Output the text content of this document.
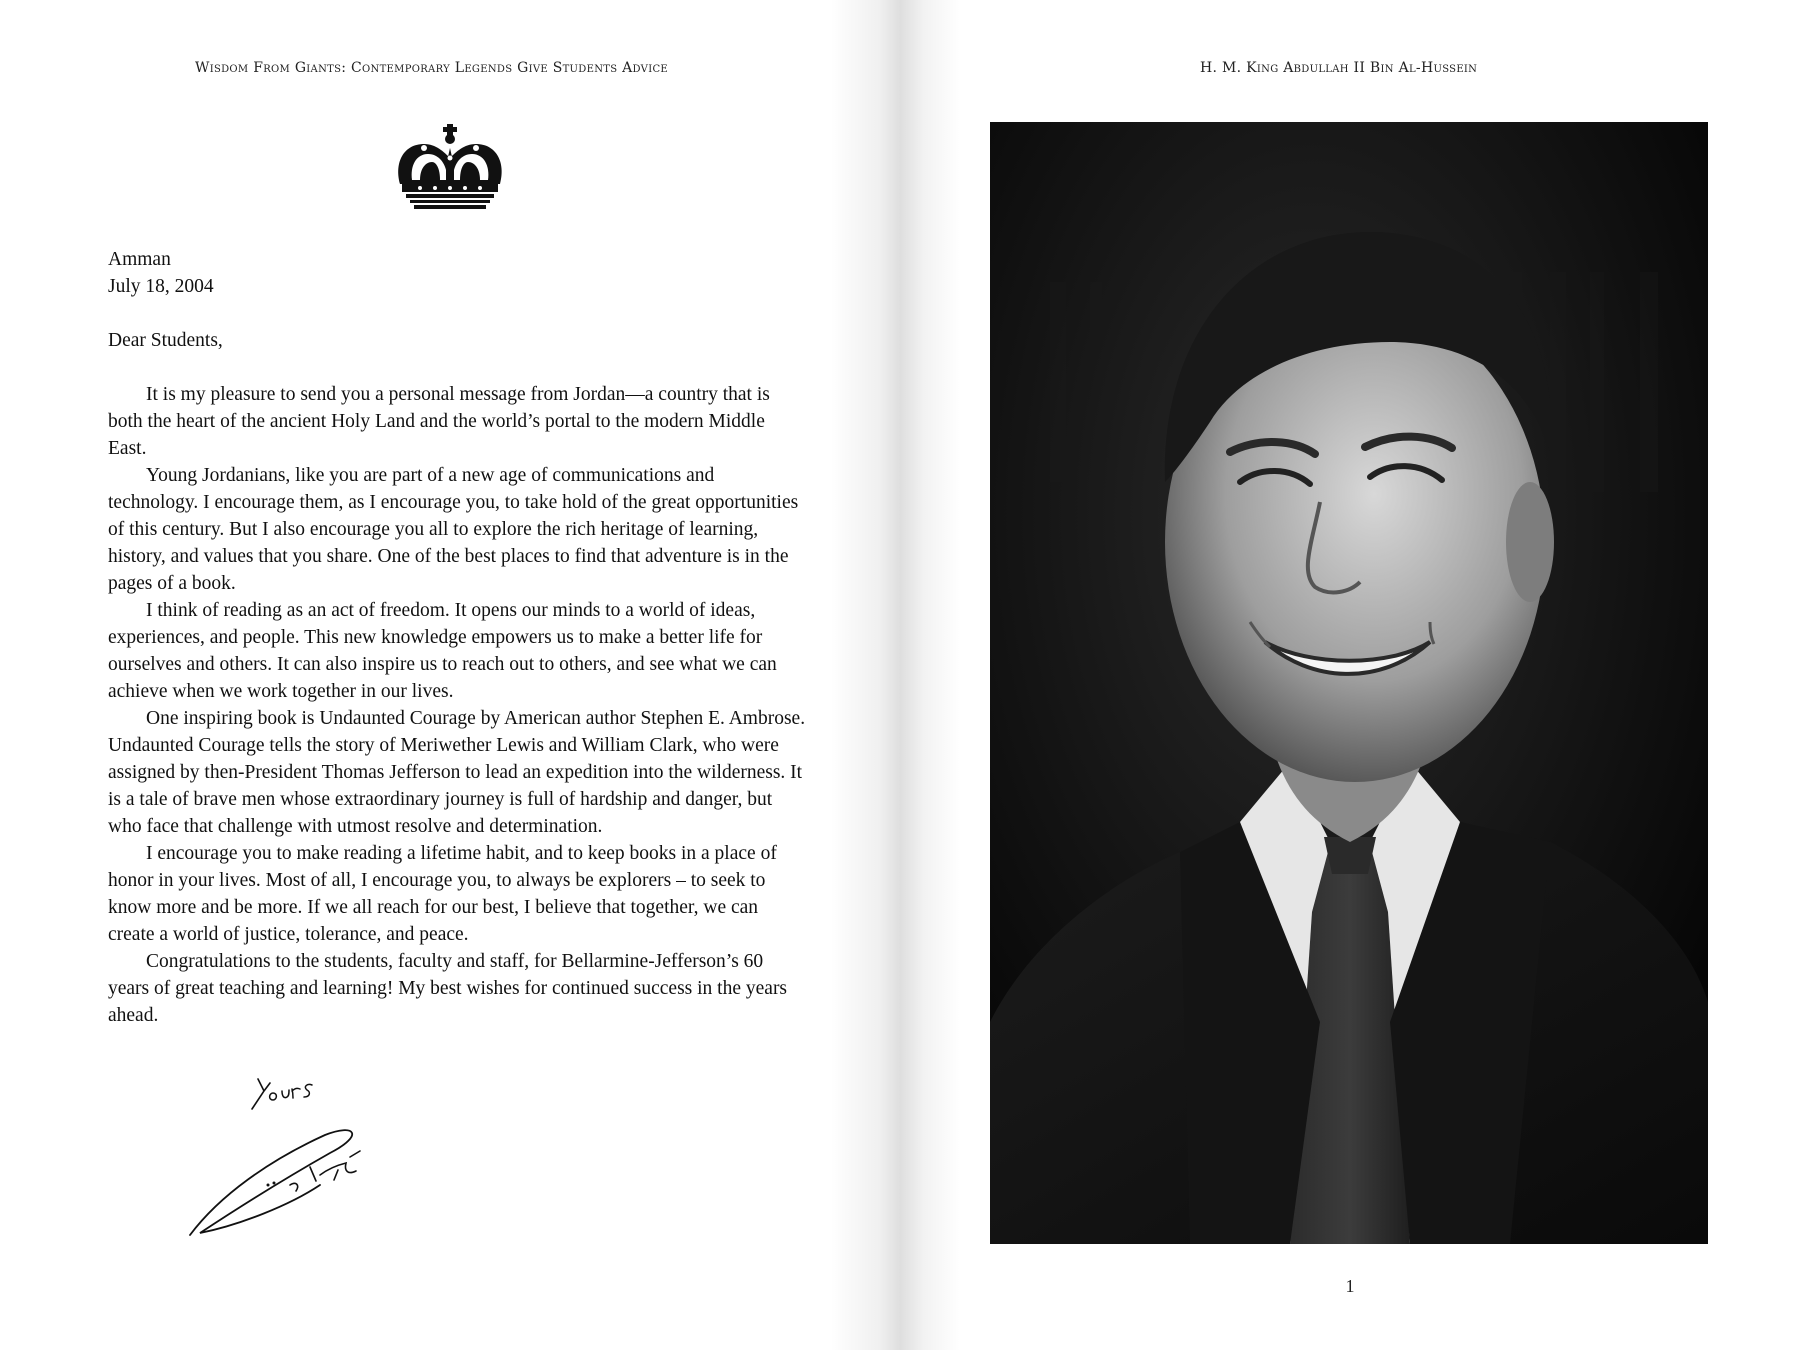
Wisdom From Giants: Contemporary Legends Give Students Advice

Amman

July 18, 2004

Dear Students,

It is my pleasure to send you a personal message from Jordan—a country that is both the heart of the ancient Holy Land and the world’s portal to the modern Middle East.

Young Jordanians, like you are part of a new age of communications and technology. I encourage them, as I encourage you, to take hold of the great opportunities of this century. But I also encourage you all to explore the rich heritage of learning, history, and values that you share. One of the best places to find that adventure is in the pages of a book.

I think of reading as an act of freedom. It opens our minds to a world of ideas, experiences, and people. This new knowledge empowers us to make a better life for ourselves and others. It can also inspire us to reach out to others, and see what we can achieve when we work together in our lives.

One inspiring book is Undaunted Courage by American author Stephen E. Ambrose. Undaunted Courage tells the story of Meriwether Lewis and William Clark, who were assigned by then-President Thomas Jefferson to lead an expedition into the wilderness. It is a tale of brave men whose extraordinary journey is full of hardship and danger, but who face that challenge with utmost resolve and determination.

I encourage you to make reading a lifetime habit, and to keep books in a place of honor in your lives. Most of all, I encourage you, to always be explorers – to seek to know more and be more. If we all reach for our best, I believe that together, we can create a world of justice, tolerance, and peace.

Congratulations to the students, faculty and staff, for Bellarmine-Jefferson’s 60 years of great teaching and learning! My best wishes for continued success in the years ahead.

H. M. King Abdullah II Bin Al-Hussein
1
